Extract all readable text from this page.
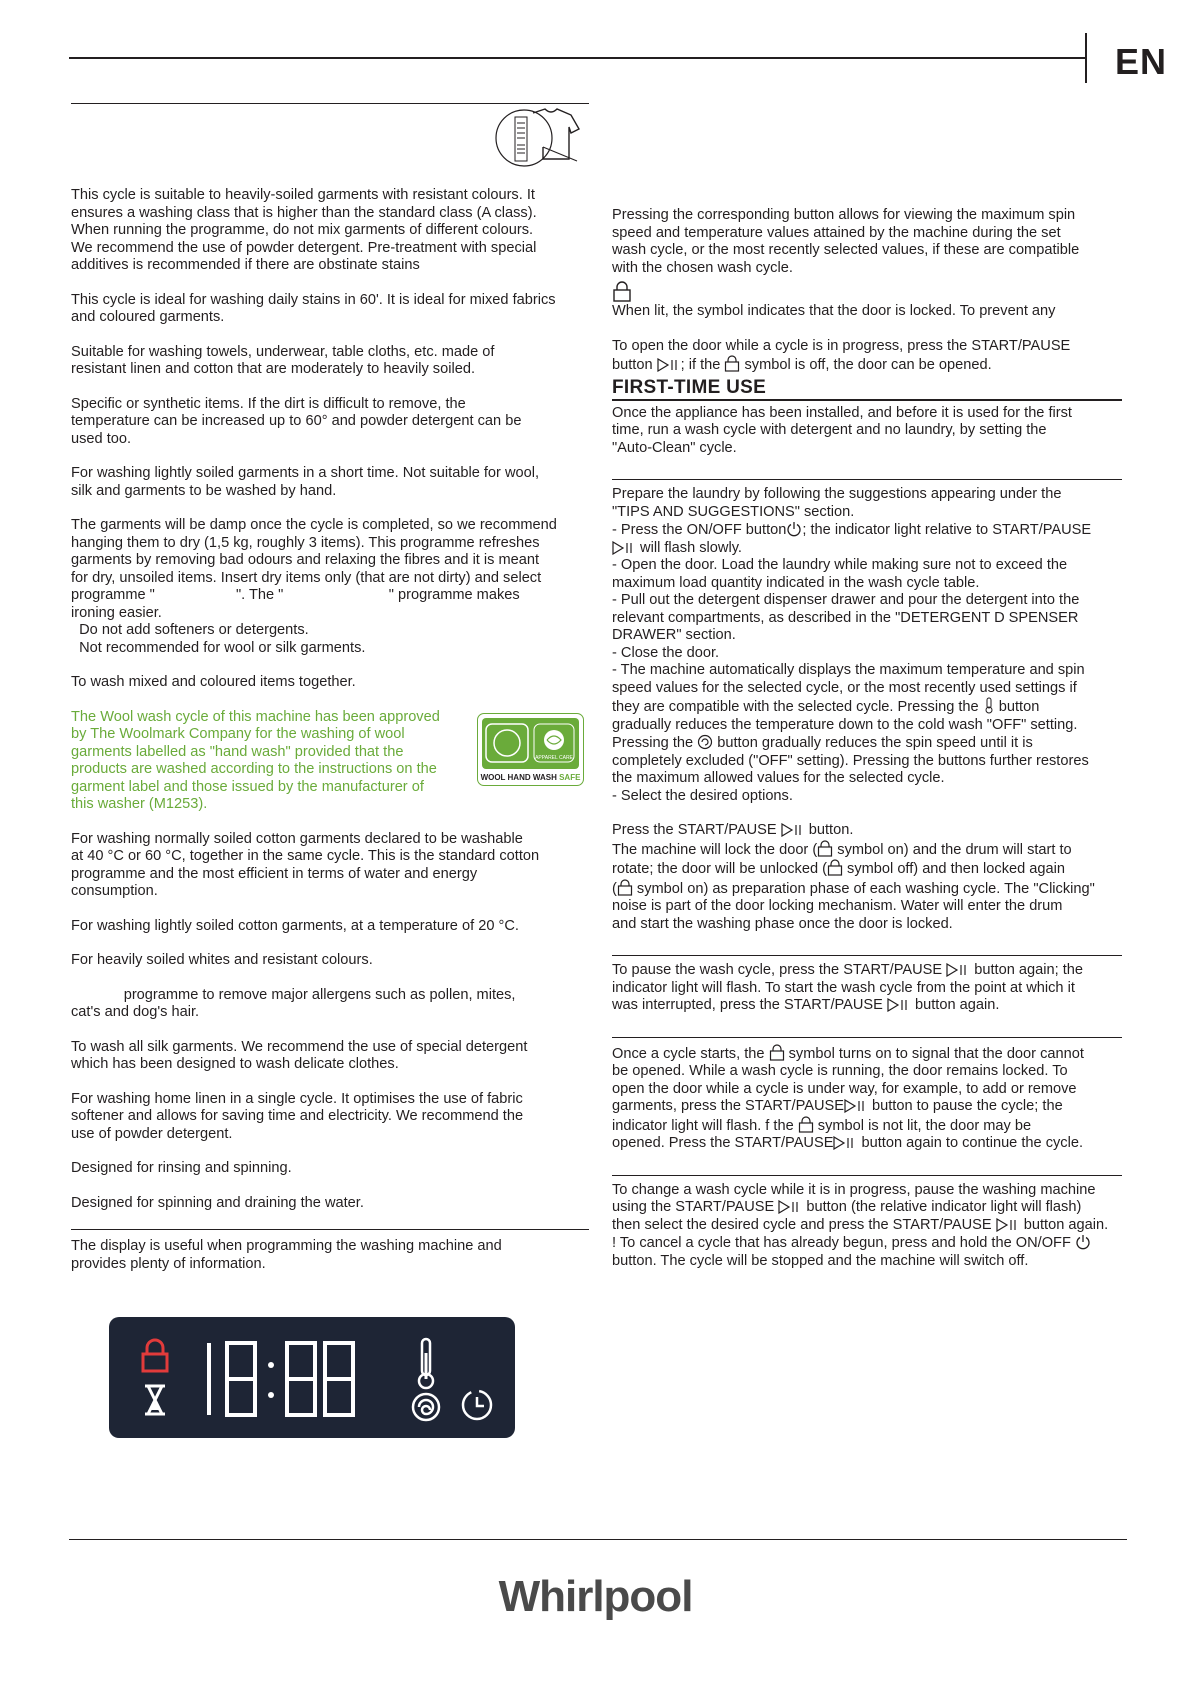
EN

This cycle is suitable to heavily-soiled garments with resistant colours. It
ensures a washing class that is higher than the standard class (A class).
When running the programme, do not mix garments of different colours.
We recommend the use of powder detergent. Pre-treatment with special
additives is recommended if there are obstinate stains

This cycle is ideal for washing daily stains in 60'. It is ideal for mixed fabrics
and coloured garments.

Suitable for washing towels, underwear, table cloths, etc. made of
resistant linen and cotton that are moderately to heavily soiled.

Specific or synthetic items. If the dirt is difficult to remove, the
temperature can be increased up to 60° and powder detergent can be
used too.

For washing lightly soiled garments in a short time. Not suitable for wool,
silk and garments to be washed by hand.

The garments will be damp once the cycle is completed, so we recommend
hanging them to dry (1,5 kg, roughly 3 items). This programme refreshes
garments by removing bad odours and relaxing the fibres and it is meant
for dry, unsoiled items. Insert dry items only (that are not dirty) and select
programme "                    ". The "                          " programme makes
ironing easier.
Do not add softeners or detergents.
Not recommended for wool or silk garments.

To wash mixed and coloured items together.

The Wool wash cycle of this machine has been approved
by The Woolmark Company for the washing of wool
garments labelled as "hand wash" provided that the
products are washed according to the instructions on the
garment label and those issued by the manufacturer of
this washer (M1253).

For washing normally soiled cotton garments declared to be washable
at 40 °C or 60 °C, together in the same cycle. This is the standard cotton
programme and the most efficient in terms of water and energy
consumption.

For washing lightly soiled cotton garments, at a temperature of 20 °C.

For heavily soiled whites and resistant colours.

programme to remove major allergens such as pollen, mites,
cat's and dog's hair.

To wash all silk garments. We recommend the use of special detergent
which has been designed to wash delicate clothes.

For washing home linen in a single cycle. It optimises the use of fabric
softener and allows for saving time and electricity. We recommend the
use of powder detergent.

Designed for rinsing and spinning.

Designed for spinning and draining the water.

The display is useful when programming the washing machine and
provides plenty of information.

APPAREL CARE
WOOL HAND WASH SAFE

Pressing the corresponding button allows for viewing the maximum spin
speed and temperature values attained by the machine during the set
wash cycle, or the most recently selected values, if these are compatible
with the chosen wash cycle.

When lit, the symbol indicates that the door is locked. To prevent any

To open the door while a cycle is in progress, press the START/PAUSE
button ; if the  symbol is off, the door can be opened.

FIRST-TIME USE

Once the appliance has been installed, and before it is used for the first
time, run a wash cycle with detergent and no laundry, by setting the
"Auto-Clean" cycle.

Prepare the laundry by following the suggestions appearing under the
"TIPS AND SUGGESTIONS" section.
- Press the ON/OFF button ; the indicator light relative to START/PAUSE
will flash slowly.
- Open the door. Load the laundry while making sure not to exceed the
maximum load quantity indicated in the wash cycle table.
- Pull out the detergent dispenser drawer and pour the detergent into the
relevant compartments, as described in the "DETERGENT D SPENSER
DRAWER" section.
- Close the door.
- The machine automatically displays the maximum temperature and spin
speed values for the selected cycle, or the most recently used settings if
they are compatible with the selected cycle. Pressing the  button
gradually reduces the temperature down to the cold wash "OFF" setting.
Pressing the  button gradually reduces the spin speed until it is
completely excluded ("OFF" setting). Pressing the buttons further restores
the maximum allowed values for the selected cycle.
- Select the desired options.

Press the START/PAUSE  button.
The machine will lock the door ( symbol on) and the drum will start to
rotate; the door will be unlocked ( symbol off) and then locked again
( symbol on) as preparation phase of each washing cycle. The "Clicking"
noise is part of the door locking mechanism. Water will enter the drum
and start the washing phase once the door is locked.

To pause the wash cycle, press the START/PAUSE  button again; the
indicator light will flash. To start the wash cycle from the point at which it
was interrupted, press the START/PAUSE  button again.

Once a cycle starts, the  symbol turns on to signal that the door cannot
be opened. While a wash cycle is running, the door remains locked. To
open the door while a cycle is under way, for example, to add or remove
garments, press the START/PAUSE button to pause the cycle; the
indicator light will flash. f the  symbol is not lit, the door may be
opened. Press the START/PAUSE button again to continue the cycle.

To change a wash cycle while it is in progress, pause the washing machine
using the START/PAUSE  button (the relative indicator light will flash)
then select the desired cycle and press the START/PAUSE  button again.
! To cancel a cycle that has already begun, press and hold the ON/OFF
button. The cycle will be stopped and the machine will switch off.

Whirlpool
